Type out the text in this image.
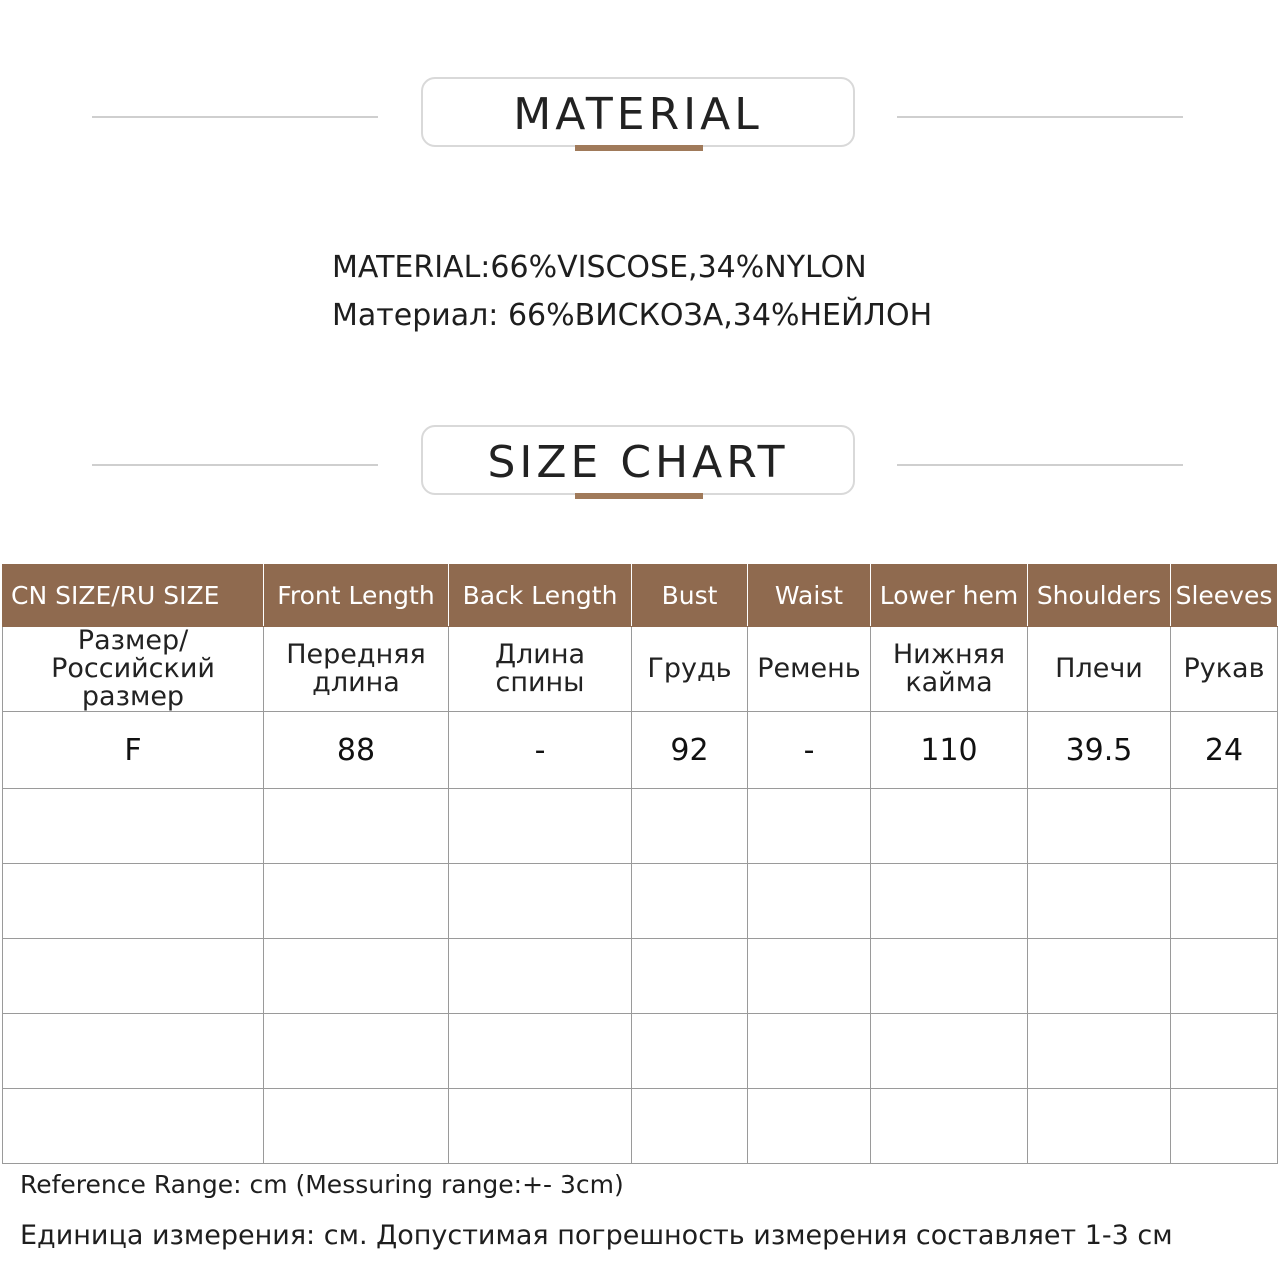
MATERIAL
MATERIAL:66%VISCOSE,34%NYLON
Материал: 66%ВИСКОЗА,34%НЕЙЛОН
SIZE CHART
CN SIZE/RU SIZE	Front Length	Back Length	Bust	Waist	Lower hem	Shoulders	Sleeves
Размер/Российский размер	Передняя длина	Длина спины	Грудь	Ремень	Нижняя кайма	Плечи	Рукав
F	88	-	92	-	110	39.5	24

Reference Range: cm (Messuring range:+- 3cm)
Единица измерения: см. Допустимая погрешность измерения составляет 1-3 см
